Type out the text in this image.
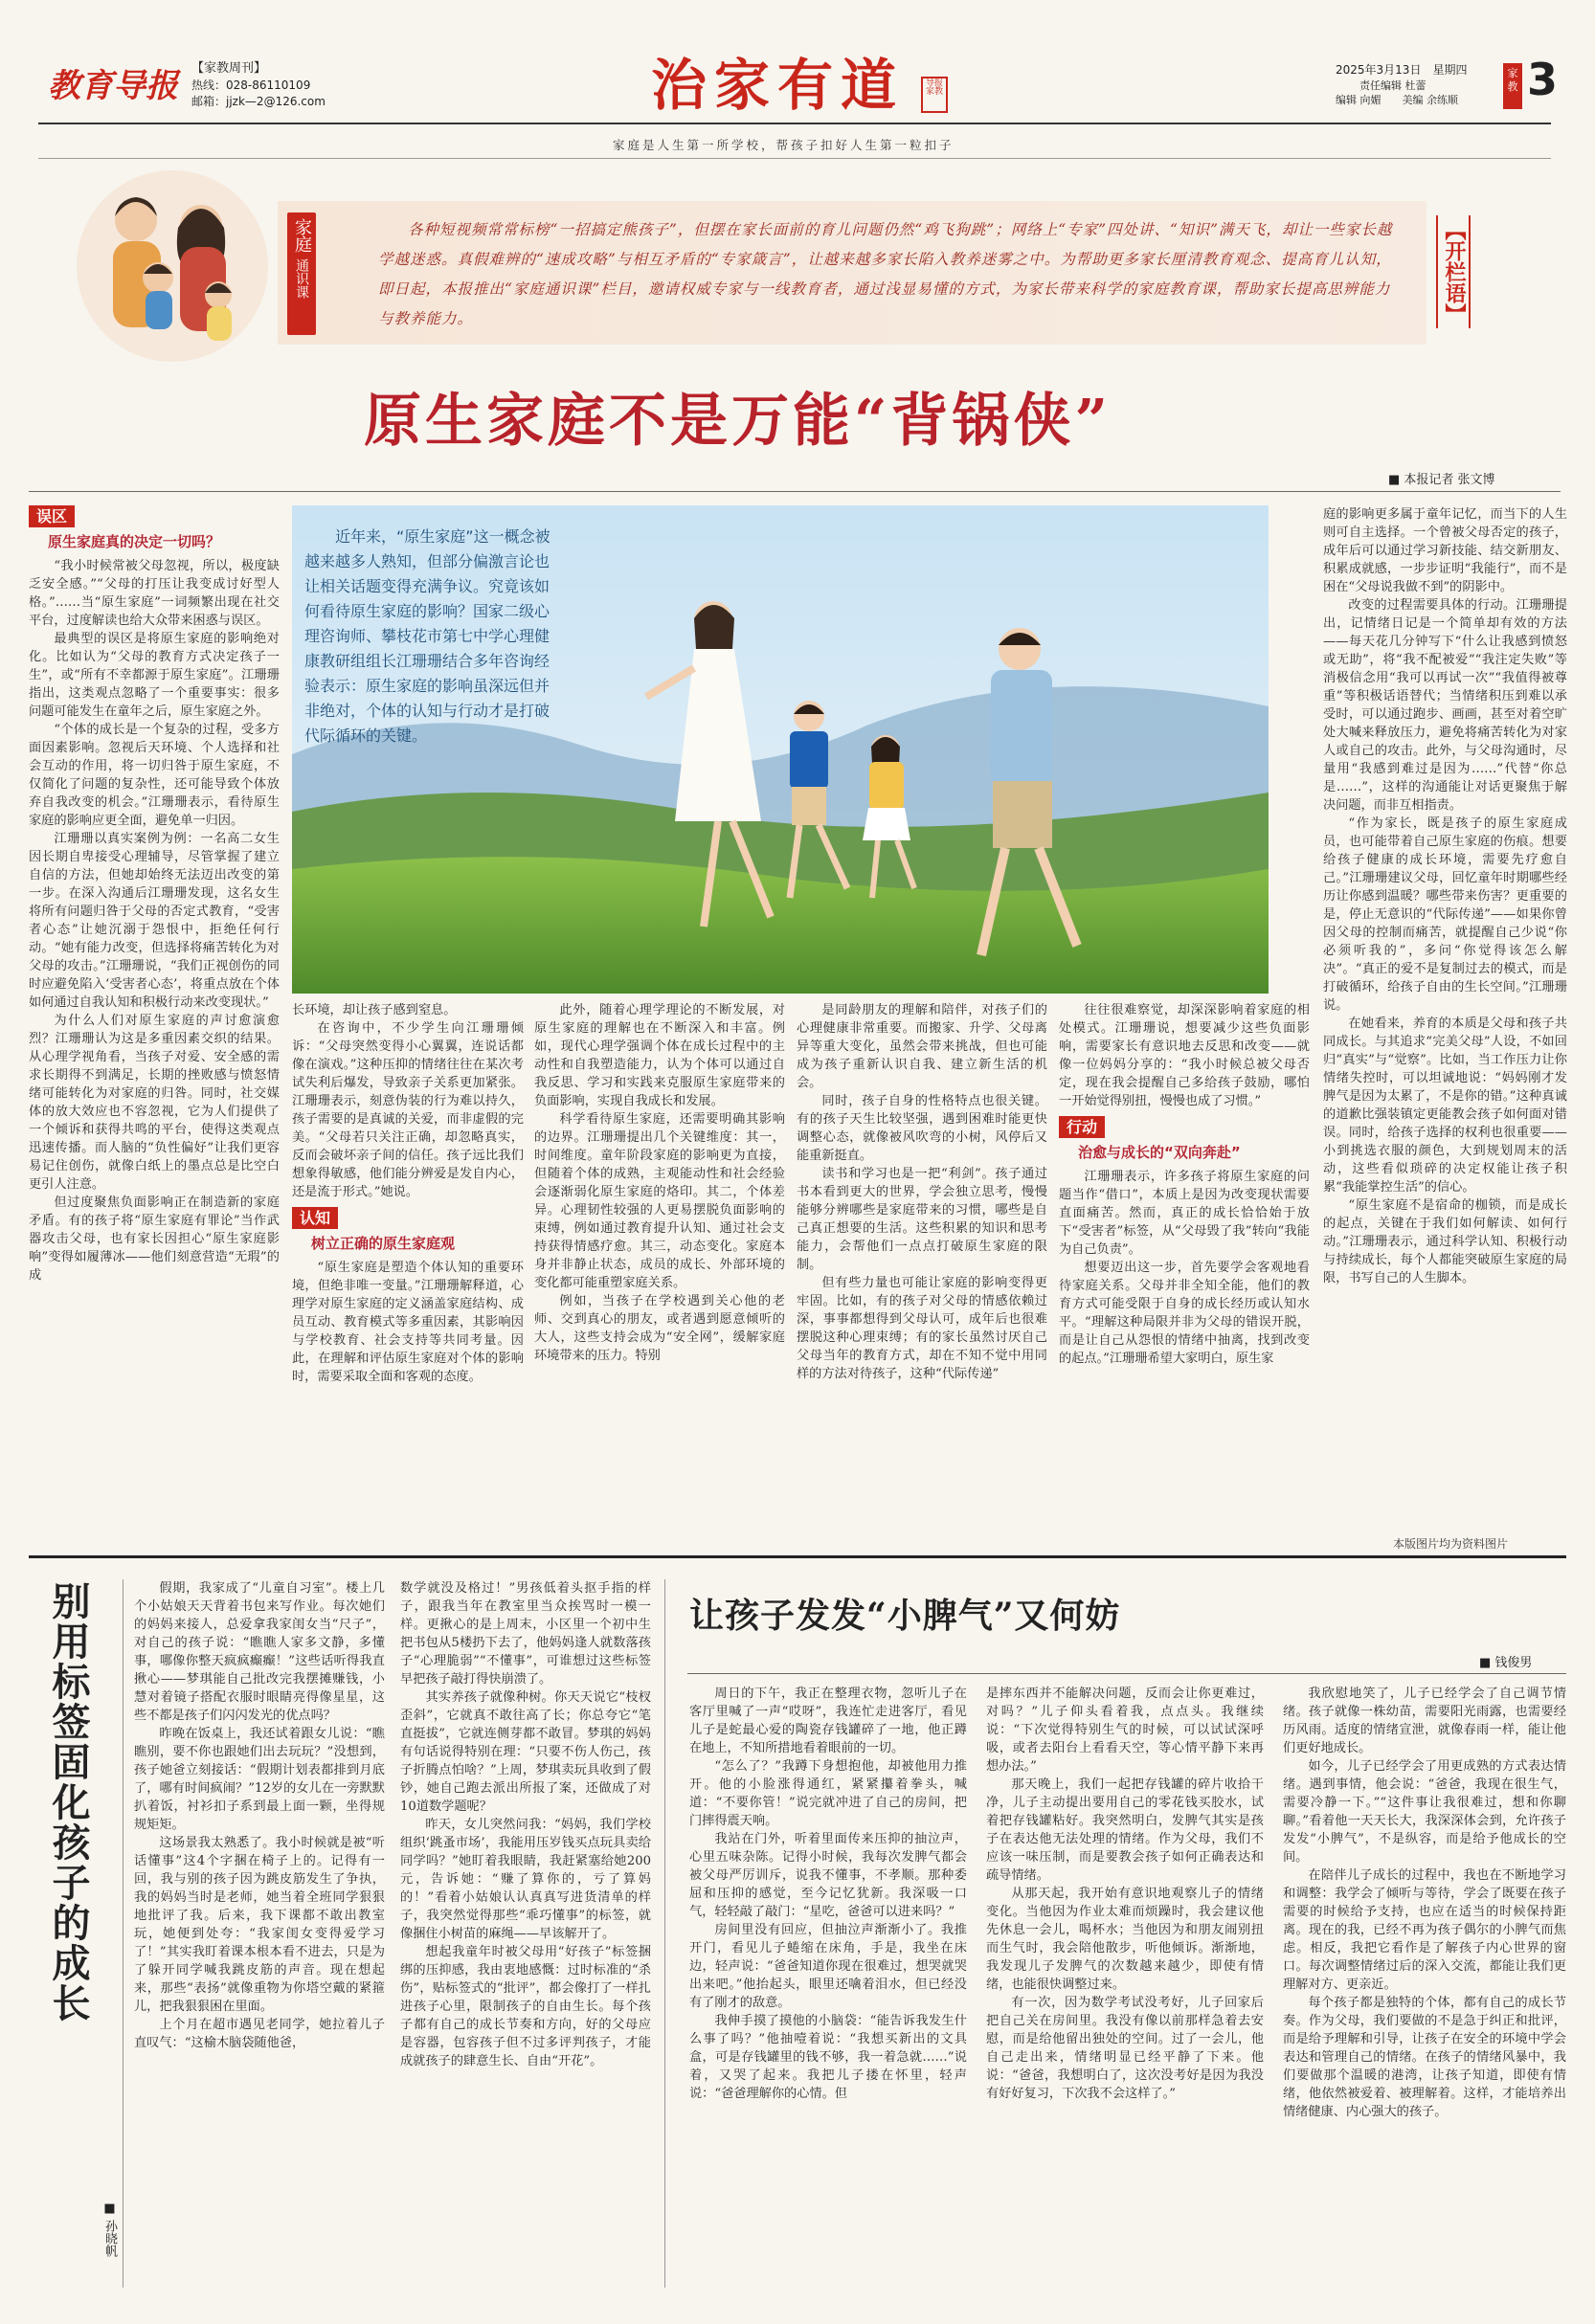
教育导报 【家教周刊】
热线：028-86110109
邮箱：jjzk—2@126.com	治家有道	导报家教
家庭是人生第一所学校，帮孩子扣好人生第一粒扣子
2025年3月13日　星期四
责任编辑 杜蕾
编辑 向媚　　美编 余练顺
家教 3
家庭
通识课
各种短视频常常标榜“一招搞定熊孩子”，但摆在家长面前的育儿问题仍然“鸡飞狗跳”；网络上“专家”四处讲、“知识”满天飞，却让一些家长越学越迷惑。真假难辨的“速成攻略”与相互矛盾的“专家箴言”，让越来越多家长陷入教养迷雾之中。为帮助更多家长厘清教育观念、提高育儿认知，即日起，本报推出“家庭通识课”栏目，邀请权威专家与一线教育者，通过浅显易懂的方式，为家长带来科学的家庭教育课，帮助家长提高思辨能力与教养能力。	【开栏语】
原生家庭不是万能“背锅侠”
■ 本报记者 张文博
近年来，“原生家庭”这一概念被越来越多人熟知，但部分偏激言论也让相关话题变得充满争议。究竟该如何看待原生家庭的影响？国家二级心理咨询师、攀枝花市第七中学心理健康教研组组长江珊珊结合多年咨询经验表示：原生家庭的影响虽深远但并非绝对，个体的认知与行动才是打破代际循环的关键。
误区
原生家庭真的决定一切吗？

“我小时候常被父母忽视，所以，极度缺乏安全感。”“父母的打压让我变成讨好型人格。”……当“原生家庭”一词频繁出现在社交平台，过度解读也给大众带来困惑与误区。

最典型的误区是将原生家庭的影响绝对化。比如认为“父母的教育方式决定孩子一生”，或“所有不幸都源于原生家庭”。江珊珊指出，这类观点忽略了一个重要事实：很多问题可能发生在童年之后，原生家庭之外。

“个体的成长是一个复杂的过程，受多方面因素影响。忽视后天环境、个人选择和社会互动的作用，将一切归咎于原生家庭，不仅简化了问题的复杂性，还可能导致个体放弃自我改变的机会。”江珊珊表示，看待原生家庭的影响应更全面，避免单一归因。

江珊珊以真实案例为例：一名高二女生因长期自卑接受心理辅导，尽管掌握了建立自信的方法，但她却始终无法迈出改变的第一步。在深入沟通后江珊珊发现，这名女生将所有问题归咎于父母的否定式教育，“受害者心态”让她沉溺于怨恨中，拒绝任何行动。“她有能力改变，但选择将痛苦转化为对父母的攻击。”江珊珊说，“我们正视创伤的同时应避免陷入‘受害者心态’，将重点放在个体如何通过自我认知和积极行动来改变现状。”

为什么人们对原生家庭的声讨愈演愈烈？江珊珊认为这是多重因素交织的结果。从心理学视角看，当孩子对爱、安全感的需求长期得不到满足，长期的挫败感与愤怒情绪可能转化为对家庭的归咎。同时，社交媒体的放大效应也不容忽视，它为人们提供了一个倾诉和获得共鸣的平台，使得这类观点迅速传播。而人脑的“负性偏好”让我们更容易记住创伤，就像白纸上的墨点总是比空白更引人注意。

但过度聚焦负面影响正在制造新的家庭矛盾。有的孩子将“原生家庭有罪论”当作武器攻击父母，也有家长因担心“原生家庭影响”变得如履薄冰——他们刻意营造“无瑕”的成

长环境，却让孩子感到窒息。

在咨询中，不少学生向江珊珊倾诉：“父母突然变得小心翼翼，连说话都像在演戏。”这种压抑的情绪往往在某次考试失利后爆发，导致亲子关系更加紧张。江珊珊表示，刻意伪装的行为难以持久，孩子需要的是真诚的关爱，而非虚假的完美。“父母若只关注正确，却忽略真实，反而会破坏亲子间的信任。孩子远比我们想象得敏感，他们能分辨爱是发自内心，还是流于形式。”她说。

认知
树立正确的原生家庭观

“原生家庭是塑造个体认知的重要环境，但绝非唯一变量。”江珊珊解释道，心理学对原生家庭的定义涵盖家庭结构、成员互动、教育模式等多重因素，其影响因与学校教育、社会支持等共同考量。因此，在理解和评估原生家庭对个体的影响时，需要采取全面和客观的态度。

此外，随着心理学理论的不断发展，对原生家庭的理解也在不断深入和丰富。例如，现代心理学强调个体在成长过程中的主动性和自我塑造能力，认为个体可以通过自我反思、学习和实践来克服原生家庭带来的负面影响，实现自我成长和发展。

科学看待原生家庭，还需要明确其影响的边界。江珊珊提出几个关键维度：其一，时间维度。童年阶段家庭的影响更为直接，但随着个体的成熟，主观能动性和社会经验会逐渐弱化原生家庭的烙印。其二，个体差异。心理韧性较强的人更易摆脱负面影响的束缚，例如通过教育提升认知、通过社会支持获得情感疗愈。其三，动态变化。家庭本身并非静止状态，成员的成长、外部环境的变化都可能重塑家庭关系。

例如，当孩子在学校遇到关心他的老师、交到真心的朋友，或者遇到愿意倾听的大人，这些支持会成为“安全网”，缓解家庭环境带来的压力。特别

是同龄朋友的理解和陪伴，对孩子们的心理健康非常重要。而搬家、升学、父母离异等重大变化，虽然会带来挑战，但也可能成为孩子重新认识自我、建立新生活的机会。

同时，孩子自身的性格特点也很关键。有的孩子天生比较坚强，遇到困难时能更快调整心态，就像被风吹弯的小树，风停后又能重新挺直。

读书和学习也是一把“利剑”。孩子通过书本看到更大的世界，学会独立思考，慢慢能够分辨哪些是家庭带来的习惯，哪些是自己真正想要的生活。这些积累的知识和思考能力，会帮他们一点点打破原生家庭的限制。

但有些力量也可能让家庭的影响变得更牢固。比如，有的孩子对父母的情感依赖过深，事事都想得到父母认可，成年后也很难摆脱这种心理束缚；有的家长虽然讨厌自己父母当年的教育方式，却在不知不觉中用同样的方法对待孩子，这种“代际传递”

往往很难察觉，却深深影响着家庭的相处模式。江珊珊说，想要减少这些负面影响，需要家长有意识地去反思和改变——就像一位妈妈分享的：“我小时候总被父母否定，现在我会提醒自己多给孩子鼓励，哪怕一开始觉得别扭，慢慢也成了习惯。”

行动
治愈与成长的“双向奔赴”

江珊珊表示，许多孩子将原生家庭的问题当作“借口”，本质上是因为改变现状需要直面痛苦。然而，真正的成长恰恰始于放下“受害者”标签，从“父母毁了我”转向“我能为自己负责”。

想要迈出这一步，首先要学会客观地看待家庭关系。父母并非全知全能，他们的教育方式可能受限于自身的成长经历或认知水平。“理解这种局限并非为父母的错误开脱，而是让自己从怨恨的情绪中抽离，找到改变的起点。”江珊珊希望大家明白，原生家

庭的影响更多属于童年记忆，而当下的人生则可自主选择。一个曾被父母否定的孩子，成年后可以通过学习新技能、结交新朋友、积累成就感，一步步证明“我能行”，而不是困在“父母说我做不到”的阴影中。

改变的过程需要具体的行动。江珊珊提出，记情绪日记是一个简单却有效的方法——每天花几分钟写下“什么让我感到愤怒或无助”，将“我不配被爱”“我注定失败”等消极信念用“我可以再试一次”“我值得被尊重”等积极话语替代；当情绪积压到难以承受时，可以通过跑步、画画，甚至对着空旷处大喊来释放压力，避免将痛苦转化为对家人或自己的攻击。此外，与父母沟通时，尽量用“我感到难过是因为……”代替“你总是……”，这样的沟通能让对话更聚焦于解决问题，而非互相指责。

“作为家长，既是孩子的原生家庭成员，也可能带着自己原生家庭的伤痕。想要给孩子健康的成长环境，需要先疗愈自己。”江珊珊建议父母，回忆童年时期哪些经历让你感到温暖？哪些带来伤害？更重要的是，停止无意识的“代际传递”——如果你曾因父母的控制而痛苦，就提醒自己少说“你必须听我的”，多问“你觉得该怎么解决”。“真正的爱不是复制过去的模式，而是打破循环，给孩子自由的生长空间。”江珊珊说。

在她看来，养育的本质是父母和孩子共同成长。与其追求“完美父母”人设，不如回归“真实”与“觉察”。比如，当工作压力让你情绪失控时，可以坦诚地说：“妈妈刚才发脾气是因为太累了，不是你的错。”这种真诚的道歉比强装镇定更能教会孩子如何面对错误。同时，给孩子选择的权利也很重要——小到挑选衣服的颜色，大到规划周末的活动，这些看似琐碎的决定权能让孩子积累“我能掌控生活”的信心。

“原生家庭不是宿命的枷锁，而是成长的起点，关键在于我们如何解读、如何行动。”江珊珊表示，通过科学认知、积极行动与持续成长，每个人都能突破原生家庭的局限，书写自己的人生脚本。

本版图片均为资料图片
别用标签固化孩子的成长
■ 孙晓帆

假期，我家成了“儿童自习室”。楼上几个小姑娘天天背着书包来写作业。每次她们的妈妈来接人，总爱拿我家闺女当“尺子”，对自己的孩子说：“瞧瞧人家多文静，多懂事，哪像你整天疯疯癫癫！”这些话听得我直揪心——梦琪能自己批改完我摆摊赚钱，小慧对着镜子搭配衣服时眼睛亮得像星星，这些不都是孩子们闪闪发光的优点吗？

昨晚在饭桌上，我还试着跟女儿说：“瞧瞧别，要不你也跟她们出去玩玩？”没想到，孩子她爸立刻接话：“假期计划表都排到月底了，哪有时间疯闹？”12岁的女儿在一旁默默扒着饭，衬衫扣子系到最上面一颗，坐得规规矩矩。

这场景我太熟悉了。我小时候就是被“听话懂事”这4个字捆在椅子上的。记得有一回，我与别的孩子因为跳皮筋发生了争执，我的妈妈当时是老师，她当着全班同学狠狠地批评了我。后来，我下课都不敢出教室玩，她便到处夸：“我家闺女变得爱学习了！”其实我盯着课本根本看不进去，只是为了躲开同学喊我跳皮筋的声音。现在想起来，那些“表扬”就像重物为你塔空戴的紧箍儿，把我狠狠困在里面。

上个月在超市遇见老同学，她拉着儿子直叹气：“这榆木脑袋随他爸，

数学就没及格过！”男孩低着头抠手指的样子，跟我当年在教室里当众挨骂时一模一样。更揪心的是上周末，小区里一个初中生把书包从5楼扔下去了，他妈妈逢人就数落孩子“心理脆弱”“不懂事”，可谁想过这些标签早把孩子敲打得快崩溃了。

其实养孩子就像种树。你天天说它“枝杈歪斜”，它就真不敢往高了长；你总夸它“笔直挺拔”，它就连侧芽都不敢冒。梦琪的妈妈有句话说得特别在理：“只要不伤人伤己，孩子折腾点怕啥？”上周，梦琪卖玩具收到了假钞，她自己跑去派出所报了案，还做成了对10道数学题呢？

昨天，女儿突然问我：“妈妈，我们学校组织‘跳蚤市场’，我能用压岁钱买点玩具卖给同学吗？”她盯着我眼睛，我赶紧塞给她200元，告诉她：“赚了算你的，亏了算妈的！”看着小姑娘认认真真写进货清单的样子，我突然觉得那些“乖巧懂事”的标签，就像捆住小树苗的麻绳——早该解开了。

想起我童年时被父母用“好孩子”标签捆绑的压抑感，我由衷地感慨：过时标准的“杀伤”，贴标签式的“批评”，都会像打了一样扎进孩子心里，限制孩子的自由生长。每个孩子都有自己的成长节奏和方向，好的父母应是容器，包容孩子但不过多评判孩子，才能成就孩子的肆意生长、自由“开花”。

让孩子发发“小脾气”又何妨
■ 钱俊男

周日的下午，我正在整理衣物，忽听儿子在客厅里喊了一声“哎呀”，我连忙走进客厅，看见儿子是蛇最心爱的陶瓷存钱罐碎了一地，他正蹲在地上，不知所措地看着眼前的一切。

“怎么了？”我蹲下身想抱他，却被他用力推开。他的小脸涨得通红，紧紧攥着拳头，喊道：“不要你管！”说完就冲进了自己的房间，把门摔得震天响。

我站在门外，听着里面传来压抑的抽泣声，心里五味杂陈。记得小时候，我每次发脾气都会被父母严厉训斥，说我不懂事，不孝顺。那种委屈和压抑的感觉，至今记忆犹新。我深吸一口气，轻轻敲了敲门：“星吃，爸爸可以进来吗？”

房间里没有回应，但抽泣声渐渐小了。我推开门，看见儿子蜷缩在床角，手是，我坐在床边，轻声说：“爸爸知道你现在很难过，想哭就哭出来吧。”他抬起头，眼里还噙着泪水，但已经没有了刚才的敌意。

我伸手摸了摸他的小脑袋：“能告诉我发生什么事了吗？”他抽噎着说：“我想买新出的文具盒，可是存钱罐里的钱不够，我一着急就……”说着，又哭了起来。我把儿子搂在怀里，轻声说：“爸爸理解你的心情。但

是摔东西并不能解决问题，反而会让你更难过，对吗？”儿子仰头看着我，点点头。我继续说：“下次觉得特别生气的时候，可以试试深呼吸，或者去阳台上看看天空，等心情平静下来再想办法。”

那天晚上，我们一起把存钱罐的碎片收拾干净，儿子主动提出要用自己的零花钱买胶水，试着把存钱罐粘好。我突然明白，发脾气其实是孩子在表达他无法处理的情绪。作为父母，我们不应该一味压制，而是要教会孩子如何正确表达和疏导情绪。

从那天起，我开始有意识地观察儿子的情绪变化。当他因为作业太难而烦躁时，我会建议他先休息一会儿，喝杯水；当他因为和朋友闹别扭而生气时，我会陪他散步，听他倾诉。渐渐地，我发现儿子发脾气的次数越来越少，即使有情绪，也能很快调整过来。

有一次，因为数学考试没考好，儿子回家后把自己关在房间里。我没有像以前那样急着去安慰，而是给他留出独处的空间。过了一会儿，他自己走出来，情绪明显已经平静了下来。他说：“爸爸，我想明白了，这次没考好是因为我没有好好复习，下次我不会这样了。”

我欣慰地笑了，儿子已经学会了自己调节情绪。孩子就像一株幼苗，需要阳光雨露，也需要经历风雨。适度的情绪宣泄，就像春雨一样，能让他们更好地成长。

如今，儿子已经学会了用更成熟的方式表达情绪。遇到事情，他会说：“爸爸，我现在很生气，需要冷静一下。”“这件事让我很难过，想和你聊聊。”看着他一天天长大，我深深体会到，允许孩子发发“小脾气”，不是纵容，而是给予他成长的空间。

在陪伴儿子成长的过程中，我也在不断地学习和调整：我学会了倾听与等待，学会了既要在孩子需要的时候给予支持，也应在适当的时候保持距离。现在的我，已经不再为孩子偶尔的小脾气而焦虑。相反，我把它看作是了解孩子内心世界的窗口。每次调整情绪过后的深入交流，都能让我们更理解对方、更亲近。

每个孩子都是独特的个体，都有自己的成长节奏。作为父母，我们要做的不是急于纠正和批评，而是给予理解和引导，让孩子在安全的环境中学会表达和管理自己的情绪。在孩子的情绪风暴中，我们要做那个温暖的港湾，让孩子知道，即使有情绪，他依然被爱着、被理解着。这样，才能培养出情绪健康、内心强大的孩子。
